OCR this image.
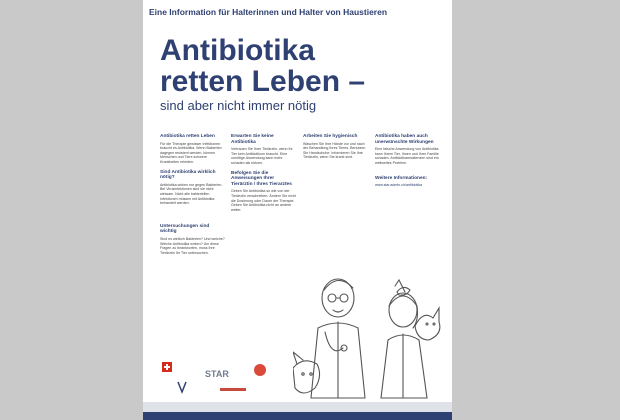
Eine Information für Halterinnen und Halter von Haustieren
Antibiotika
retten Leben –
sind aber nicht immer nötig
Antibiotika retten Leben

Für die Therapie gewisser Infektionen braucht es Antibiotika. Wenn Bakterien dagegen resistent werden, können Menschen und Tiere schwere Krankheiten erleiden.

Sind Antibiotika wirklich nötig?

Antibiotika wirken nur gegen Bakterien. Bei Virusinfektionen sind sie nicht wirksam. Nicht alle bakteriellen Infektionen müssen mit Antibiotika behandelt werden.

Untersuchungen sind wichtig

Sind es wirklich Bakterien? Und welche? Welche Antibiotika wirken? Um diese Fragen zu beantworten, muss Ihre Tierärztin Ihr Tier untersuchen.

Erwarten Sie keine Antibiotika

Vertrauen Sie Ihrer Tierärztin, wenn Ihr Tier kein Antibiotikum braucht. Eine unnötige Anwendung kann mehr schaden als nützen.

Befolgen Sie die Anweisungen Ihrer Tierärztin / Ihres Tierarztes

Geben Sie Antibiotika so wie von der Tierärztin verschrieben. Ändern Sie nicht die Dosierung oder Dauer der Therapie. Geben Sie Antibiotika nicht an andere weiter.

Arbeiten Sie hygienisch

Waschen Sie Ihre Hände vor und nach der Behandlung Ihres Tieres. Benutzen Sie Handschuhe. Informieren Sie Ihre Tierärztin, wenn Sie krank sind.

Antibiotika haben auch unerwünschte Wirkungen

Eine falsche Anwendung von Antibiotika kann Ihrem Tier, Ihnen und Ihrer Familie schaden. Antibiotikaresistenzen sind ein weltweites Problem.

Weitere Informationen:

www.star.admin.ch/antibiotika

STAR
